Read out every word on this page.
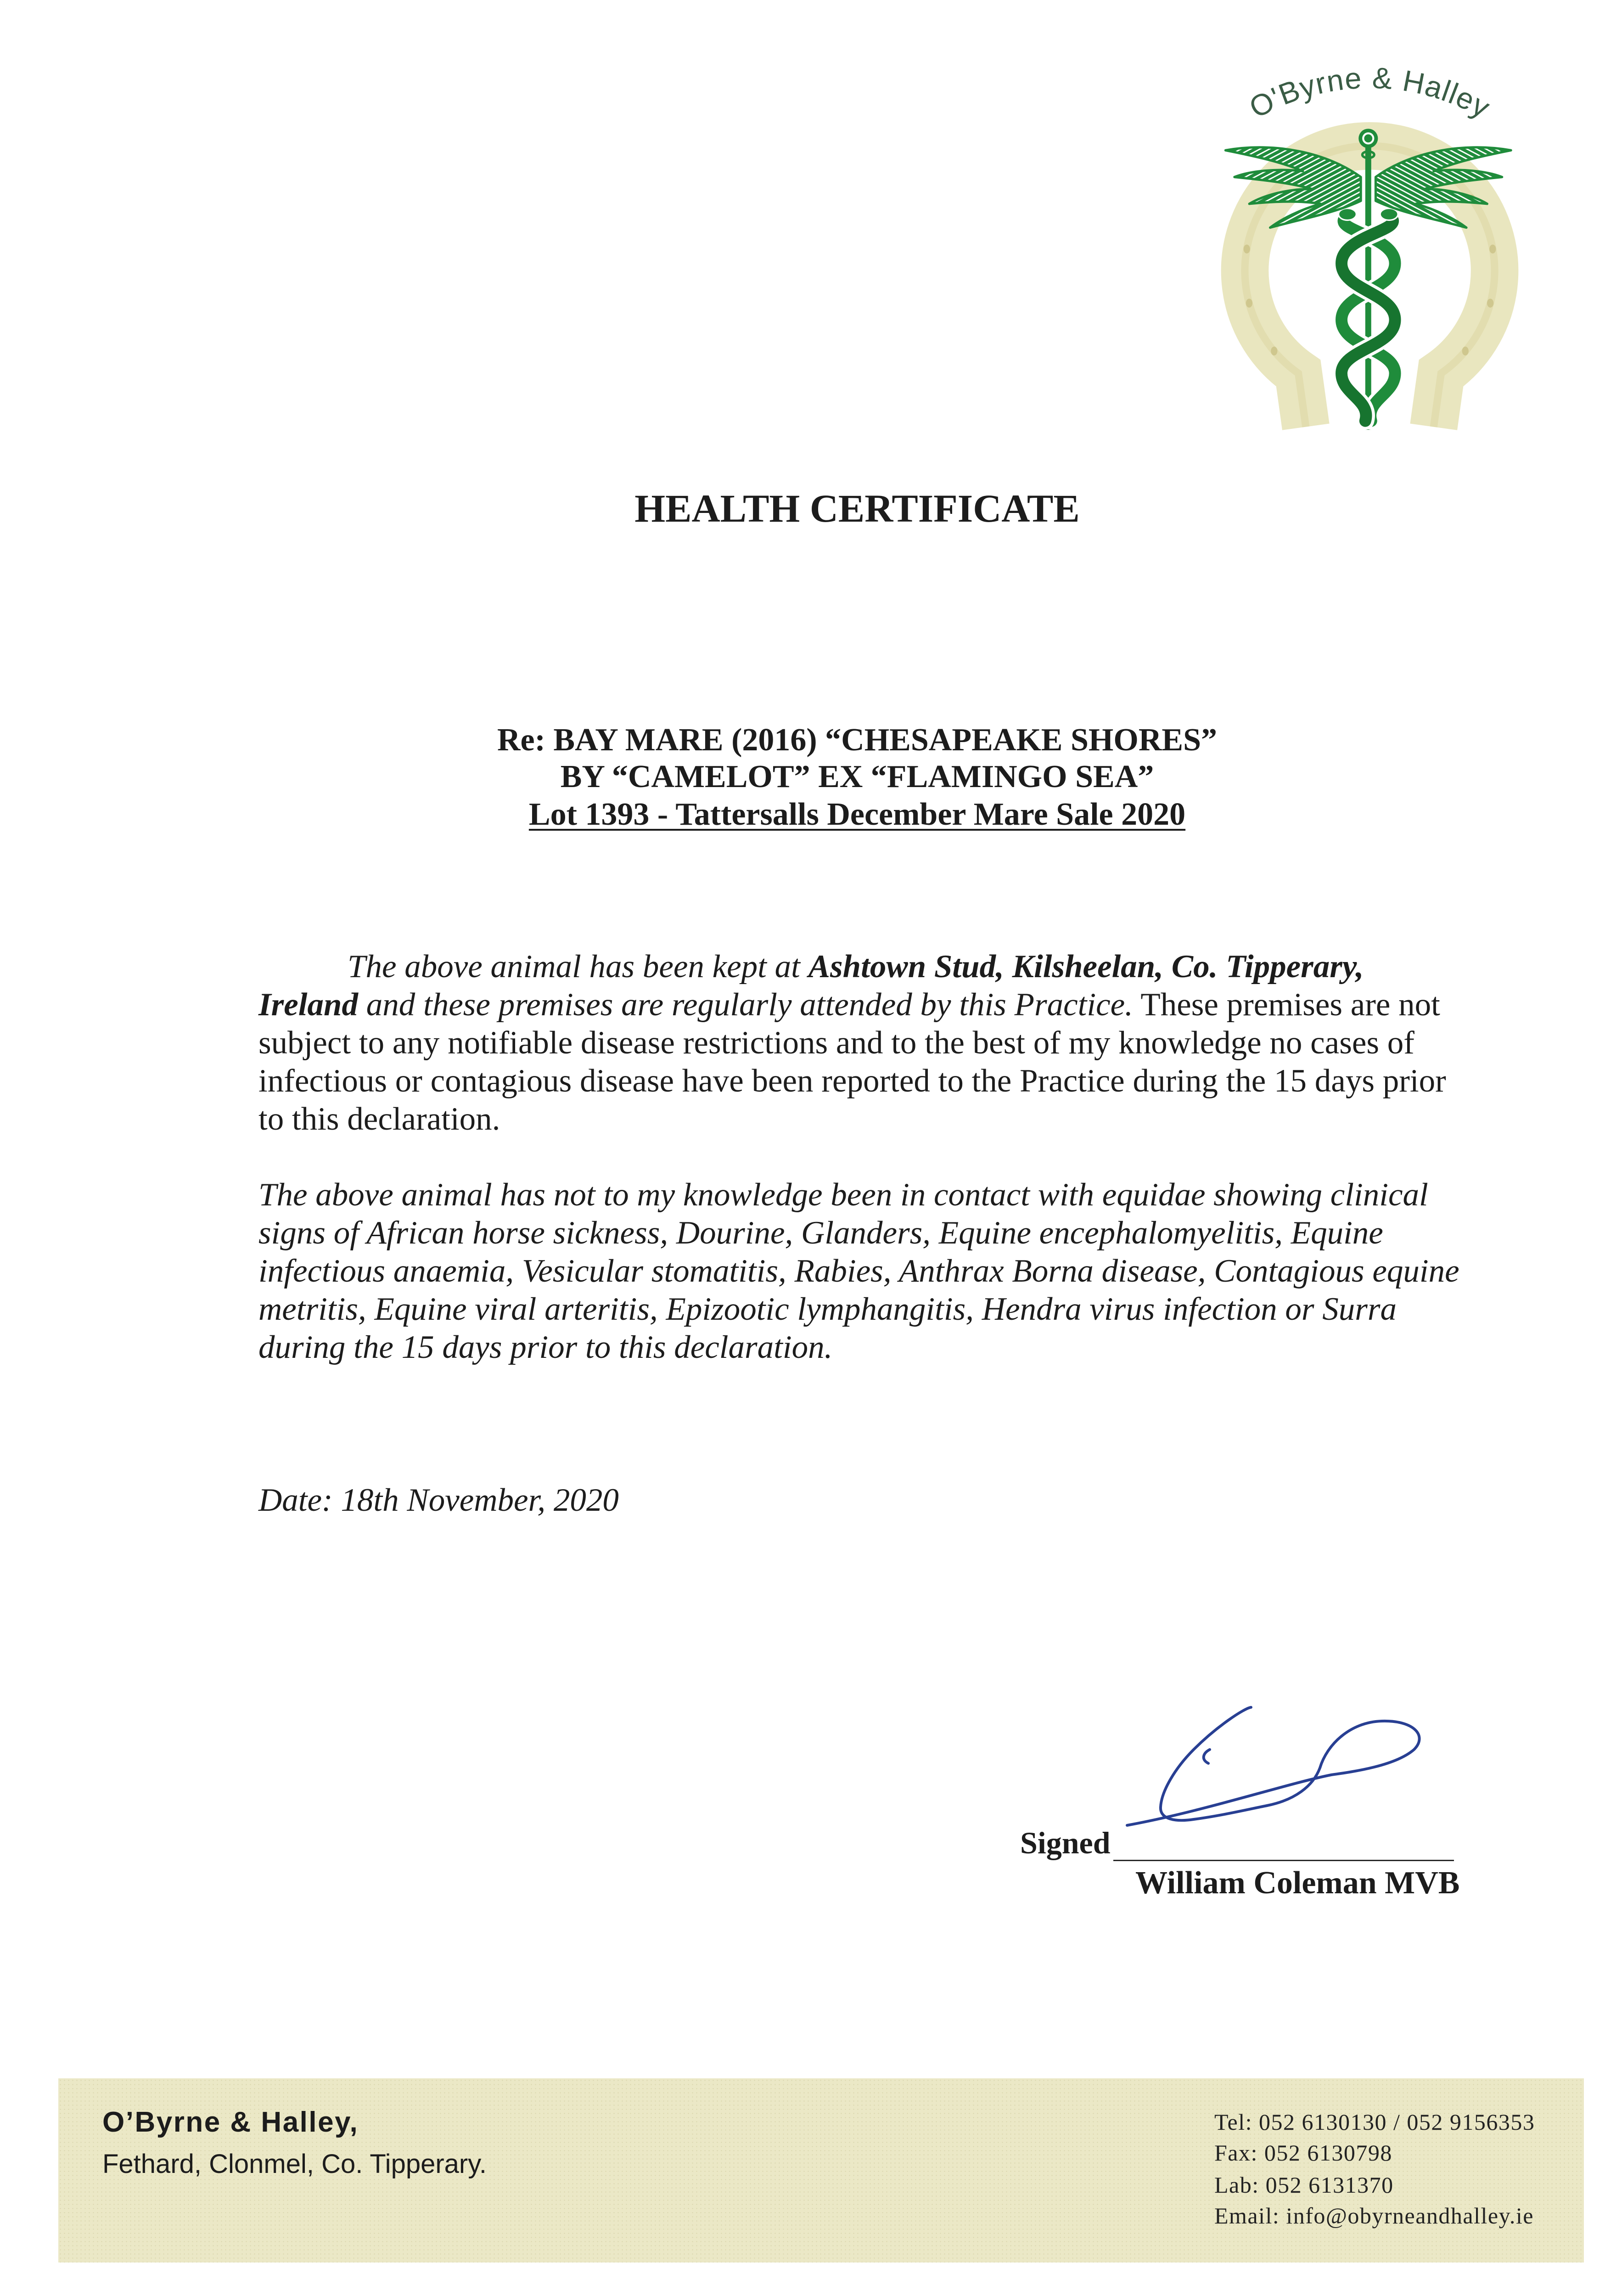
O'Byrne & Halley
HEALTH CERTIFICATE
Re: BAY MARE (2016) “CHESAPEAKE SHORES”
BY “CAMELOT” EX “FLAMINGO SEA”
Lot 1393 - Tattersalls December Mare Sale 2020
The above animal has been kept at Ashtown Stud, Kilsheelan, Co. Tipperary,
Ireland and these premises are regularly attended by this Practice. These premises are not
subject to any notifiable disease restrictions and to the best of my knowledge no cases of
infectious or contagious disease have been reported to the Practice during the 15 days prior
to this declaration.
The above animal has not to my knowledge been in contact with equidae showing clinical
signs of African horse sickness, Dourine, Glanders, Equine encephalomyelitis, Equine
infectious anaemia, Vesicular stomatitis, Rabies, Anthrax Borna disease, Contagious equine
metritis, Equine viral arteritis, Epizootic lymphangitis, Hendra virus infection or Surra
during the 15 days prior to this declaration.
Date: 18th November, 2020
Signed
William Coleman MVB
O’Byrne & Halley,
Fethard, Clonmel, Co. Tipperary.
Tel: 052 6130130 / 052 9156353
Fax: 052 6130798
Lab: 052 6131370
Email: info@obyrneandhalley.ie
